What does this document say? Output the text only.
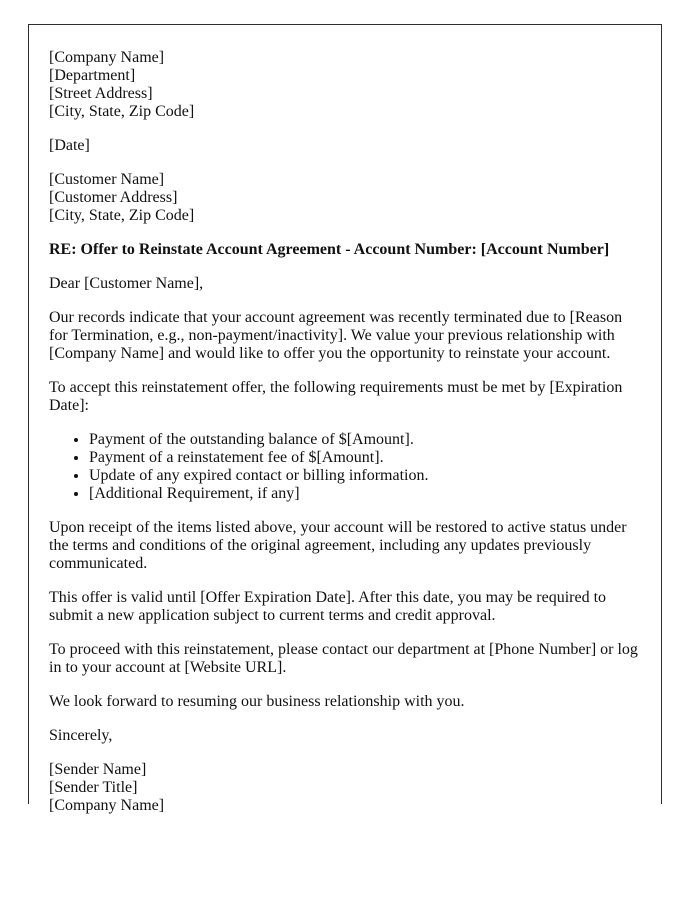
[Company Name]
[Department]
[Street Address]
[City, State, Zip Code]
[Date]
[Customer Name]
[Customer Address]
[City, State, Zip Code]
RE: Offer to Reinstate Account Agreement - Account Number: [Account Number]
Dear [Customer Name],

Our records indicate that your account agreement was recently terminated due to [Reason for Termination, e.g., non-payment/inactivity]. We value your previous relationship with [Company Name] and would like to offer you the opportunity to reinstate your account.

To accept this reinstatement offer, the following requirements must be met by [Expiration Date]:

• Payment of the outstanding balance of $[Amount].
• Payment of a reinstatement fee of $[Amount].
• Update of any expired contact or billing information.
• [Additional Requirement, if any]

Upon receipt of the items listed above, your account will be restored to active status under the terms and conditions of the original agreement, including any updates previously communicated.

This offer is valid until [Offer Expiration Date]. After this date, you may be required to submit a new application subject to current terms and credit approval.

To proceed with this reinstatement, please contact our department at [Phone Number] or log in to your account at [Website URL].

We look forward to resuming our business relationship with you.

Sincerely,
[Sender Name]
[Sender Title]
[Company Name]
